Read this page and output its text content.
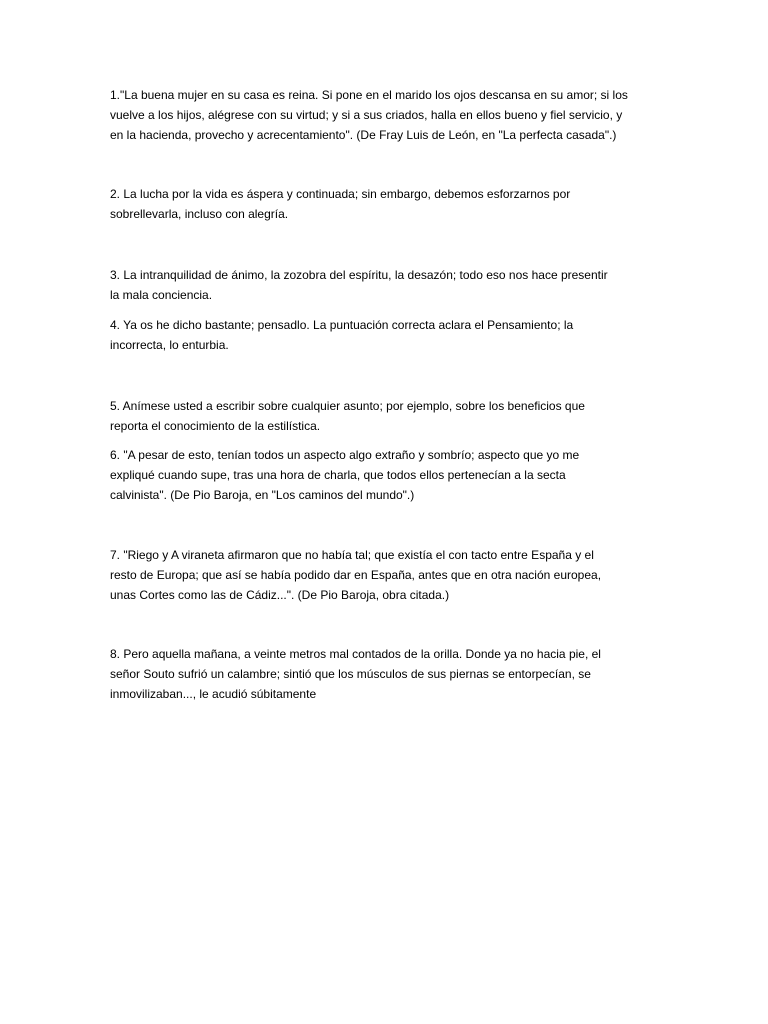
1."La buena mujer en su casa es reina. Si pone en el marido los ojos descansa en su amor; si los
vuelve a los hijos, alégrese con su virtud; y si a sus criados, halla en ellos bueno y fiel servicio, y
en la hacienda, provecho y acrecentamiento". (De Fray Luis de León, en "La perfecta casada".)

2. La lucha por la vida es áspera y continuada; sin embargo, debemos esforzarnos por
sobrellevarla, incluso con alegría.

3. La intranquilidad de ánimo, la zozobra del espíritu, la desazón; todo eso nos hace presentir
la mala conciencia.

4. Ya os he dicho bastante; pensadlo. La puntuación correcta aclara el Pensamiento; la
incorrecta, lo enturbia.

5. Anímese usted a escribir sobre cualquier asunto; por ejemplo, sobre los beneficios que
reporta el conocimiento de la estilística.

6. "A pesar de esto, tenían todos un aspecto algo extraño y sombrío; aspecto que yo me
expliqué cuando supe, tras una hora de charla, que todos ellos pertenecían a la secta
calvinista". (De Pio Baroja, en "Los caminos del mundo".)

7. "Riego y A viraneta afirmaron que no había tal; que existía el con tacto entre España y el
resto de Europa; que así se había podido dar en España, antes que en otra nación europea,
unas Cortes como las de Cádiz...". (De Pio Baroja, obra citada.)

8. Pero aquella mañana, a veinte metros mal contados de la orilla. Donde ya no hacia pie, el
señor Souto sufrió un calambre; sintió que los músculos de sus piernas se entorpecían, se
inmovilizaban..., le acudió súbitamente
